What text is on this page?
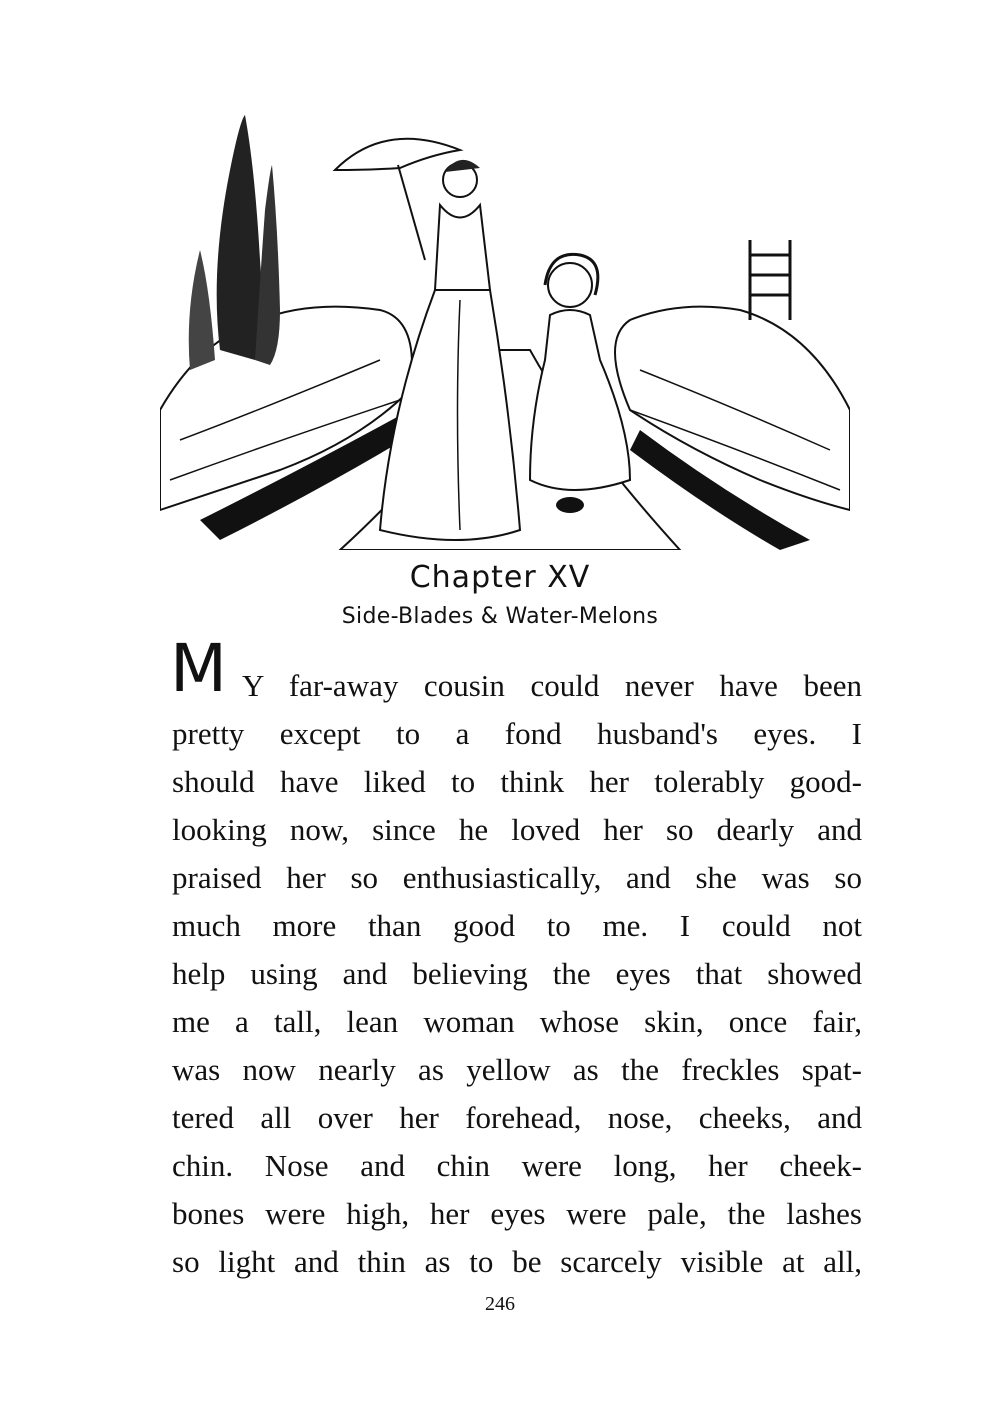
Chapter XV
Side-Blades & Water-Melons
M Y far-away cousin could never have been
pretty except to a fond husband's eyes. I
should have liked to think her tolerably good-
looking now, since he loved her so dearly and
praised her so enthusiastically, and she was so
much more than good to me. I could not
help using and believing the eyes that showed
me a tall, lean woman whose skin, once fair,
was now nearly as yellow as the freckles spat-
tered all over her forehead, nose, cheeks, and
chin. Nose and chin were long, her cheek-
bones were high, her eyes were pale, the lashes
so light and thin as to be scarcely visible at all,
246
